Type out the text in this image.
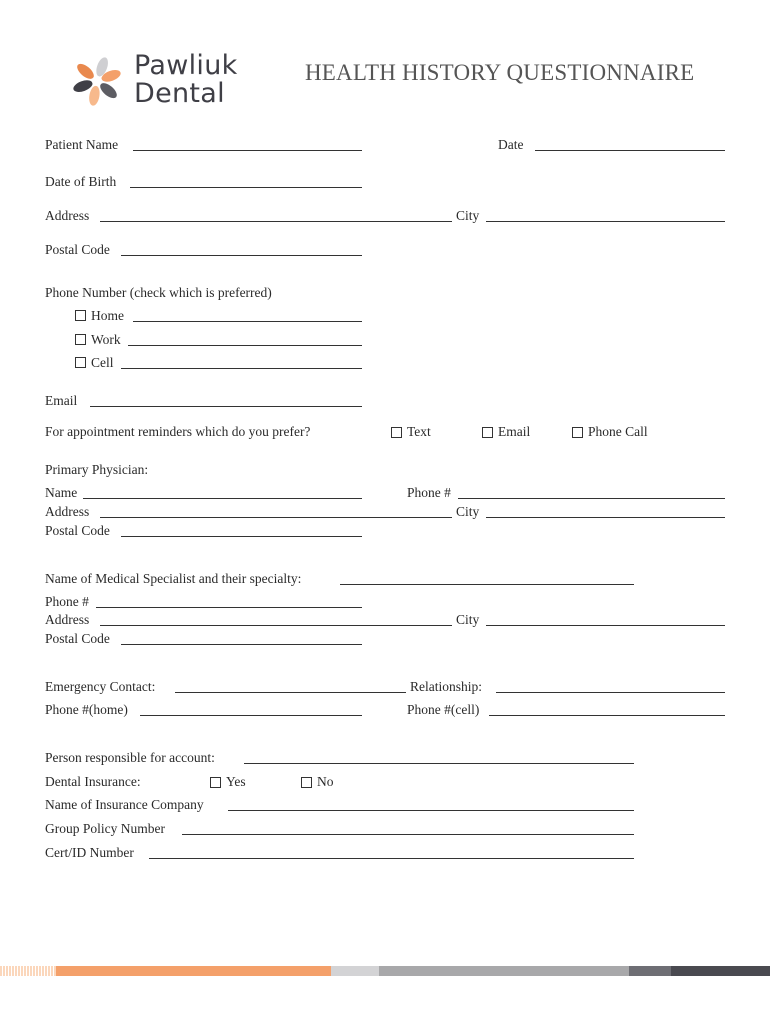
Pawliuk
Dental
HEALTH HISTORY QUESTIONNAIRE
Patient Name	Date
Date of Birth
Address	City
Postal Code
Phone Number (check which is preferred)
Home
Work
Cell
Email
For appointment reminders which do you prefer?	Text	Email	Phone Call
Primary Physician:
Name	Phone #
Address	City
Postal Code
Name of Medical Specialist and their specialty:
Phone #
Address	City
Postal Code
Emergency Contact:	Relationship:
Phone #(home)	Phone #(cell)
Person responsible for account:
Dental Insurance:	Yes	No
Name of Insurance Company
Group Policy Number
Cert/ID Number
